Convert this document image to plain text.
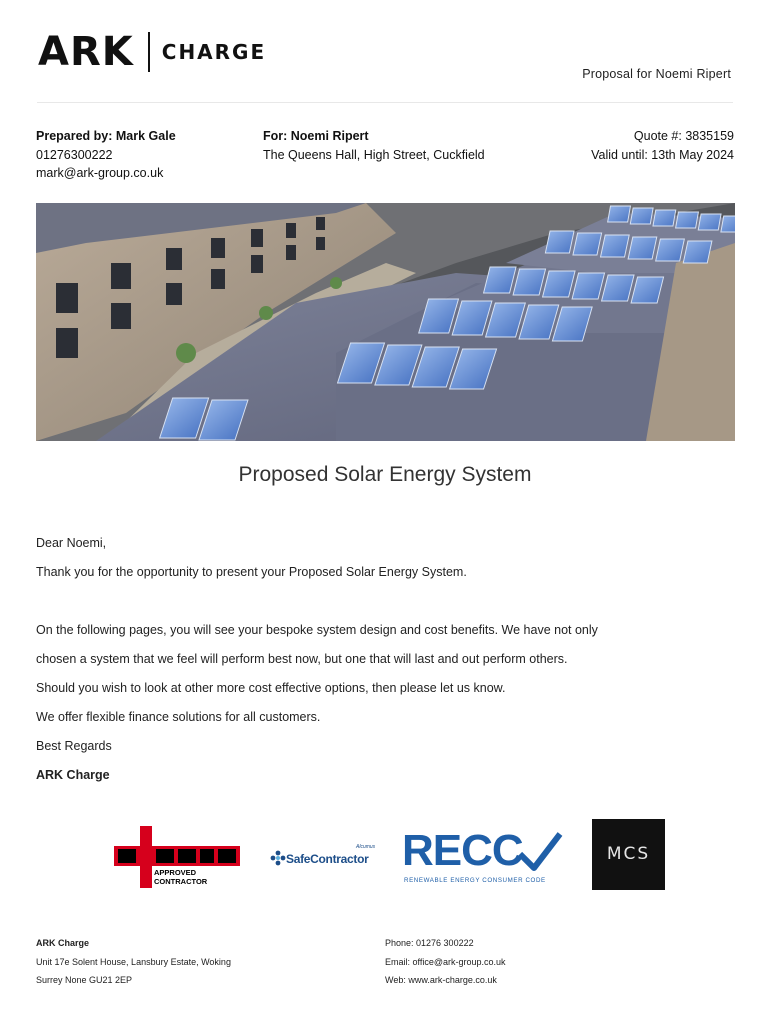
ARK CHARGE
Proposal for Noemi Ripert
Prepared by: Mark Gale
01276300222
mark@ark-group.co.uk
For: Noemi Ripert
The Queens Hall, High Street, Cuckfield
Quote #: 3835159
Valid until: 13th May 2024
Proposed Solar Energy System
Dear Noemi,
Thank you for the opportunity to present your Proposed Solar Energy System.
On the following pages, you will see your bespoke system design and cost benefits. We have not only
chosen a system that we feel will perform best now, but one that will last and out perform others.
Should you wish to look at other more cost effective options, then please let us know.
We offer flexible finance solutions for all customers.
Best Regards
ARK Charge
APPROVED
CONTRACTOR
Alcumus
SafeContractor RECC
RENEWABLE ENERGY CONSUMER CODE
MCS
ARK Charge
Unit 17e Solent House, Lansbury Estate, Woking
Surrey None GU21 2EP
Phone: 01276 300222
Email: office@ark-group.co.uk
Web: www.ark-charge.co.uk
